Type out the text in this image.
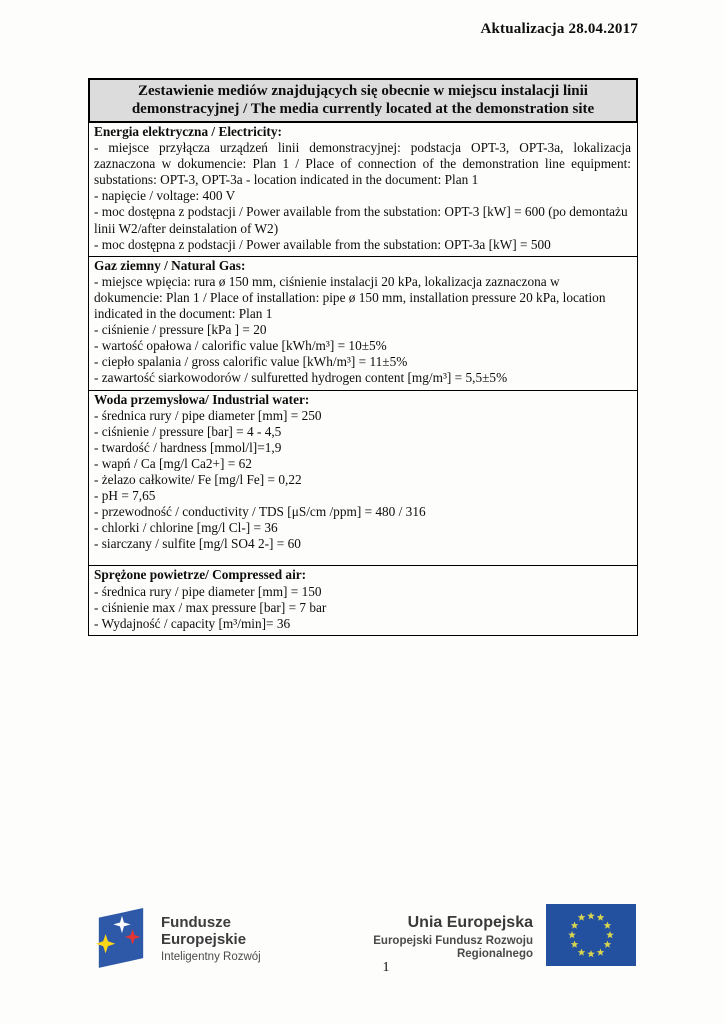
Aktualizacja 28.04.2017
Zestawienie mediów znajdujących się obecnie w miejscu instalacji linii demonstracyjnej / The media currently located at the demonstration site
Energia elektryczna / Electricity:
- miejsce przyłącza urządzeń linii demonstracyjnej: podstacja OPT-3, OPT-3a, lokalizacja zaznaczona w dokumencie: Plan 1 / Place of connection of the demonstration line equipment: substations: OPT-3, OPT-3a - location indicated in the document: Plan 1
- napięcie / voltage: 400 V
- moc dostępna z podstacji / Power available from the substation: OPT-3 [kW] = 600 (po demontażu linii W2/after deinstalation of W2)
- moc dostępna z podstacji / Power available from the substation: OPT-3a [kW] = 500
Gaz ziemny / Natural Gas:
- miejsce wpięcia: rura ø 150 mm, ciśnienie instalacji 20 kPa, lokalizacja zaznaczona w dokumencie: Plan 1 / Place of installation: pipe ø 150 mm, installation pressure 20 kPa, location indicated in the document: Plan 1
- ciśnienie / pressure [kPa ] = 20
- wartość opałowa / calorific value [kWh/m³] = 10±5%
- ciepło spalania / gross calorific value [kWh/m³] = 11±5%
- zawartość siarkowodorów / sulfuretted hydrogen content [mg/m³] = 5,5±5%
Woda przemysłowa/ Industrial water:
- średnica rury / pipe diameter [mm] = 250
- ciśnienie / pressure [bar] = 4 - 4,5
- twardość / hardness [mmol/l]=1,9
- wapń / Ca [mg/l Ca2+] = 62
- żelazo całkowite/ Fe [mg/l Fe] = 0,22
- pH = 7,65
- przewodność / conductivity / TDS [μS/cm /ppm] = 480 / 316
- chlorki / chlorine [mg/l Cl-] = 36
- siarczany / sulfite [mg/l SO4 2-] = 60
Sprężone powietrze/ Compressed air:
- średnica rury / pipe diameter [mm] = 150
- ciśnienie max / max pressure [bar] = 7 bar
- Wydajność / capacity [m³/min]= 36
Fundusze Europejskie
Inteligentny Rozwój
Unia Europejska
Europejski Fundusz Rozwoju Regionalnego
1
